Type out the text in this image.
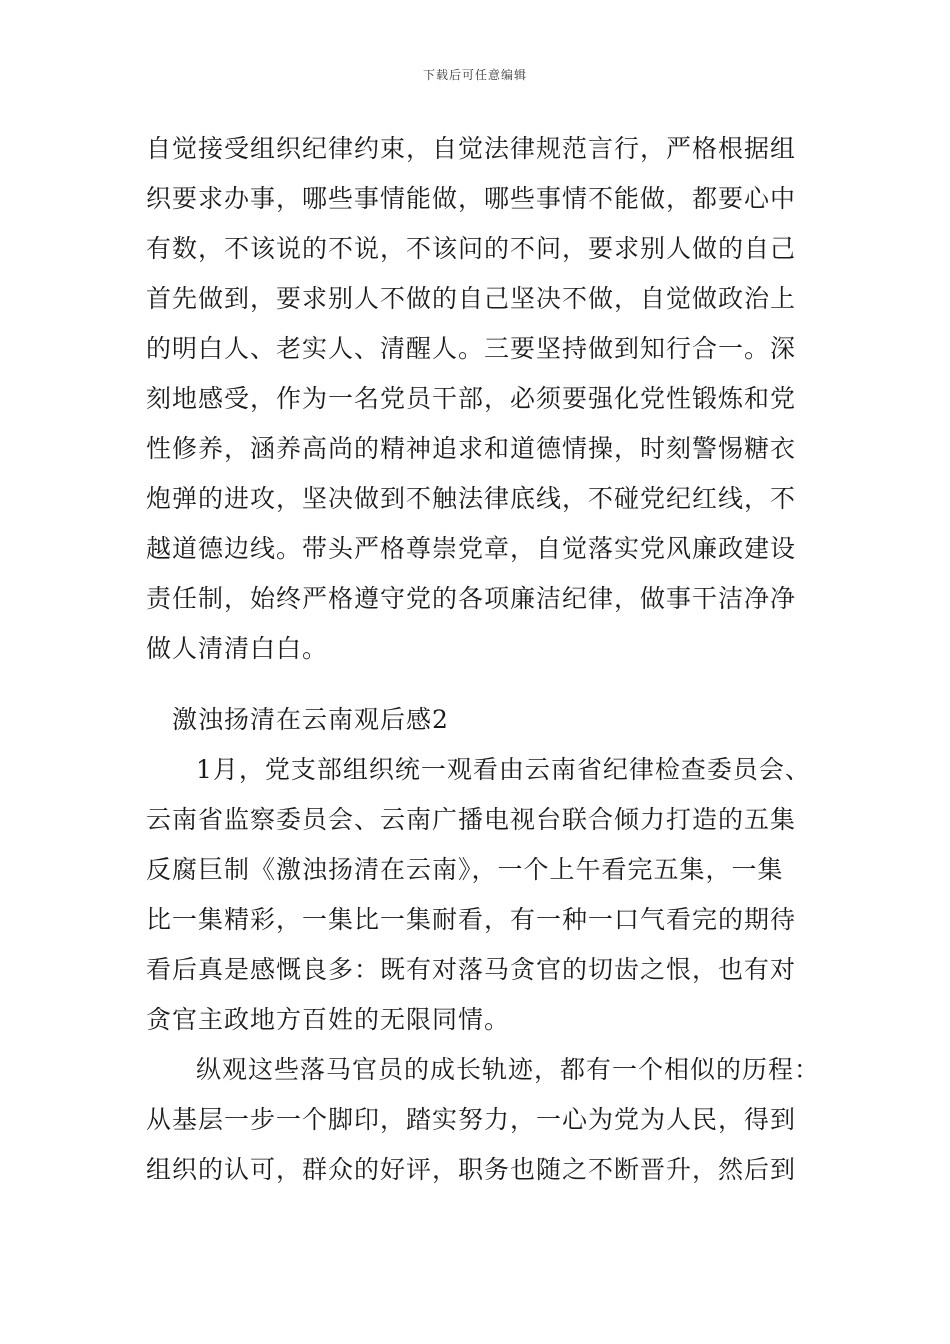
下载后可任意编辑
自觉接受组织纪律约束，自觉法律规范言行，严格根据组
织要求办事，哪些事情能做，哪些事情不能做，都要心中
有数，不该说的不说，不该问的不问，要求别人做的自己
首先做到，要求别人不做的自己坚决不做，自觉做政治上
的明白人、老实人、清醒人。三要坚持做到知行合一。深
刻地感受，作为一名党员干部，必须要强化党性锻炼和党
性修养，涵养高尚的精神追求和道德情操，时刻警惕糖衣
炮弹的进攻，坚决做到不触法律底线，不碰党纪红线，不
越道德边线。带头严格尊崇党章，自觉落实党风廉政建设
责任制，始终严格遵守党的各项廉洁纪律，做事干洁净净
做人清清白白。
激浊扬清在云南观后感2
1月，党支部组织统一观看由云南省纪律检查委员会、
云南省监察委员会、云南广播电视台联合倾力打造的五集
反腐巨制《激浊扬清在云南》，一个上午看完五集，一集
比一集精彩，一集比一集耐看，有一种一口气看完的期待
看后真是感慨良多：既有对落马贪官的切齿之恨，也有对
贪官主政地方百姓的无限同情。
纵观这些落马官员的成长轨迹，都有一个相似的历程：
从基层一步一个脚印，踏实努力，一心为党为人民，得到
组织的认可，群众的好评，职务也随之不断晋升，然后到
